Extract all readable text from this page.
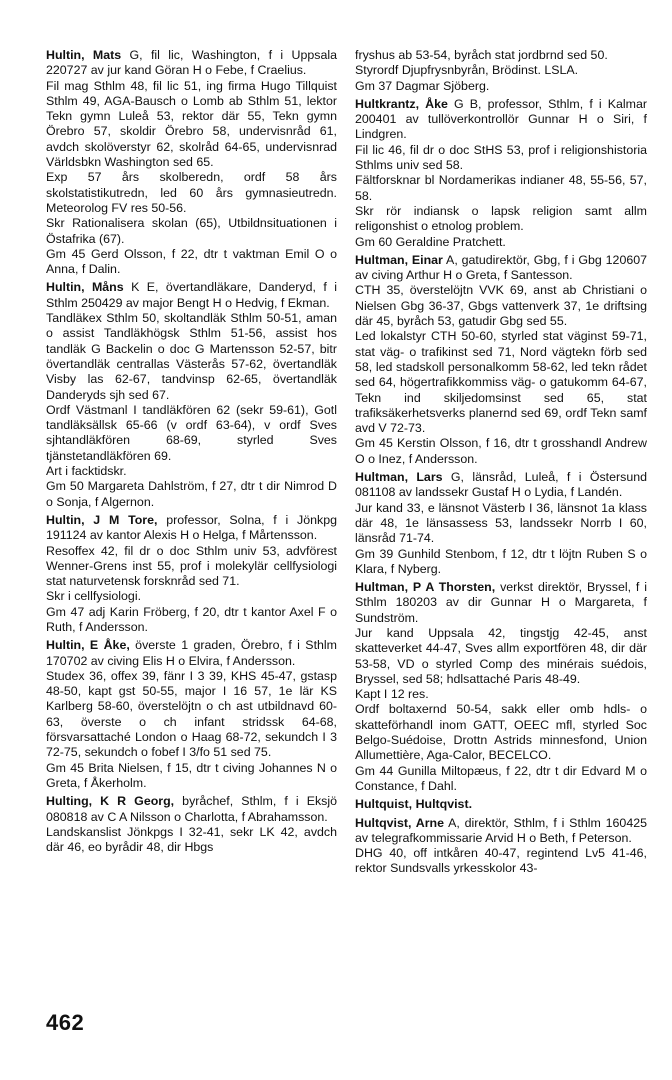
Hultin, Mats G, fil lic, Washington, f i Uppsala 220727 av jur kand Göran H o Febe, f Craelius.

Fil mag Sthlm 48, fil lic 51, ing firma Hugo Tillquist Sthlm 49, AGA-Bausch o Lomb ab Sthlm 51, lektor Tekn gymn Luleå 53, rektor där 55, Tekn gymn Örebro 57, skoldir Örebro 58, undervisnråd 61, avdch skolöverstyr 62, skolråd 64-65, undervisnrad Världsbkn Washington sed 65.

Exp 57 års skolberedn, ordf 58 års skolstatistikutredn, led 60 års gymnasieutredn. Meteorolog FV res 50-56.

Skr Rationalisera skolan (65), Utbildnsituationen i Östafrika (67).

Gm 45 Gerd Olsson, f 22, dtr t vaktman Emil O o Anna, f Dalin.

Hultin, Måns K E, övertandläkare, Danderyd, f i Sthlm 250429 av major Bengt H o Hedvig, f Ekman.

Tandläkex Sthlm 50, skoltandläk Sthlm 50-51, aman o assist Tandläkhögsk Sthlm 51-56, assist hos tandläk G Backelin o doc G Martensson 52-57, bitr övertandläk centrallas Västerås 57-62, övertandläk Visby las 62-67, tandvinsp 62-65, övertandläk Danderyds sjh sed 67.

Ordf Västmanl I tandläkfören 62 (sekr 59-61), Gotl tandläksällsk 65-66 (v ordf 63-64), v ordf Sves sjhtandläkfören 68-69, styrled Sves tjänstetandläkfören 69.

Art i facktidskr.

Gm 50 Margareta Dahlström, f 27, dtr t dir Nimrod D o Sonja, f Algernon.

Hultin, J M Tore, professor, Solna, f i Jönkpg 191124 av kantor Alexis H o Helga, f Mårtensson.

Resoffex 42, fil dr o doc Sthlm univ 53, advförest Wenner-Grens inst 55, prof i molekylär cellfysiologi stat naturvetensk forsknråd sed 71.

Skr i cellfysiologi.

Gm 47 adj Karin Fröberg, f 20, dtr t kantor Axel F o Ruth, f Andersson.

Hultin, E Åke, överste 1 graden, Örebro, f i Sthlm 170702 av civing Elis H o Elvira, f Andersson.

Studex 36, offex 39, fänr I 3 39, KHS 45-47, gstasp 48-50, kapt gst 50-55, major I 16 57, 1e lär KS Karlberg 58-60, överstelöjtn o ch ast utbildnavd 60-63, överste o ch infant stridssk 64-68, försvarsattaché London o Haag 68-72, sekundch I 3 72-75, sekundch o fobef I 3/fo 51 sed 75.

Gm 45 Brita Nielsen, f 15, dtr t civing Johannes N o Greta, f Åkerholm.

Hulting, K R Georg, byråchef, Sthlm, f i Eksjö 080818 av C A Nilsson o Charlotta, f Abrahamsson.

Landskanslist Jönkpgs I 32-41, sekr LK 42, avdch där 46, eo byrådir 48, dir Hbgs

fryshus ab 53-54, byråch stat jordbrnd sed 50.

Styrordf Djupfrysnbyrån, Brödinst. LSLA.

Gm 37 Dagmar Sjöberg.

Hultkrantz, Åke G B, professor, Sthlm, f i Kalmar 200401 av tullöverkontrollör Gunnar H o Siri, f Lindgren.

Fil lic 46, fil dr o doc StHS 53, prof i religionshistoria Sthlms univ sed 58.

Fältforsknar bl Nordamerikas indianer 48, 55-56, 57, 58.

Skr rör indiansk o lapsk religion samt allm religonshist o etnolog problem.

Gm 60 Geraldine Pratchett.

Hultman, Einar A, gatudirektör, Gbg, f i Gbg 120607 av civing Arthur H o Greta, f Santesson.

CTH 35, överstelöjtn VVK 69, anst ab Christiani o Nielsen Gbg 36-37, Gbgs vattenverk 37, 1e driftsing där 45, byråch 53, gatudir Gbg sed 55.

Led lokalstyr CTH 50-60, styrled stat väginst 59-71, stat väg- o trafikinst sed 71, Nord vägtekn förb sed 58, led stadskoll personalkomm 58-62, led tekn rådet sed 64, högertrafikkommiss väg- o gatukomm 64-67, Tekn ind skiljedomsinst sed 65, stat trafiksäkerhetsverks planernd sed 69, ordf Tekn samf avd V 72-73.

Gm 45 Kerstin Olsson, f 16, dtr t grosshandl Andrew O o Inez, f Andersson.

Hultman, Lars G, länsråd, Luleå, f i Östersund 081108 av landssekr Gustaf H o Lydia, f Landén.

Jur kand 33, e länsnot Västerb I 36, länsnot 1a klass där 48, 1e länsassess 53, landssekr Norrb I 60, länsråd 71-74.

Gm 39 Gunhild Stenbom, f 12, dtr t löjtn Ruben S o Klara, f Nyberg.

Hultman, P A Thorsten, verkst direktör, Bryssel, f i Sthlm 180203 av dir Gunnar H o Margareta, f Sundström.

Jur kand Uppsala 42, tingstjg 42-45, anst skatteverket 44-47, Sves allm exportfören 48, dir där 53-58, VD o styrled Comp des minérais suédois, Bryssel, sed 58; hdlsattaché Paris 48-49.

Kapt I 12 res.

Ordf boltaxernd 50-54, sakk eller omb hdls- o skatteförhandl inom GATT, OEEC mfl, styrled Soc Belgo-Suédoise, Drottn Astrids minnesfond, Union Allumettière, Aga-Calor, BECELCO.

Gm 44 Gunilla Miltopæus, f 22, dtr t dir Edvard M o Constance, f Dahl.

Hultquist, Hultqvist.

Hultqvist, Arne A, direktör, Sthlm, f i Sthlm 160425 av telegrafkommissarie Arvid H o Beth, f Peterson.

DHG 40, off intkåren 40-47, regintend Lv5 41-46, rektor Sundsvalls yrkesskolor 43-

462
